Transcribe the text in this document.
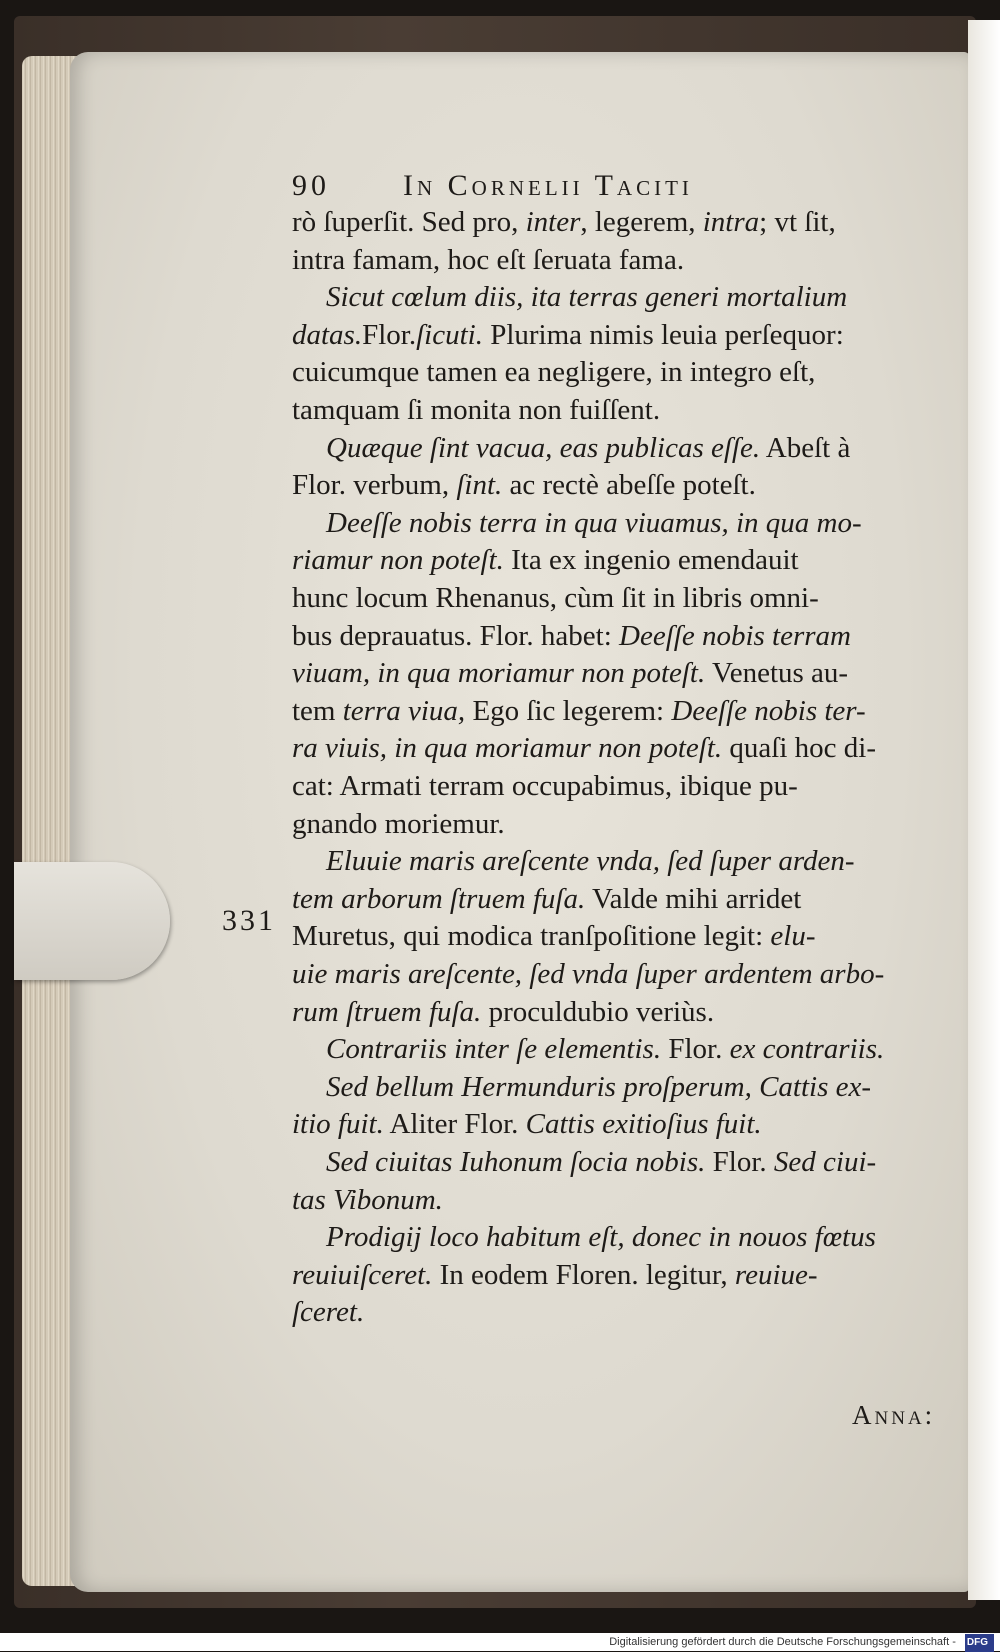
90 In Cornelii Taciti
rò ſuperſit. Sed pro, inter, legerem, intra; vt ſit,
intra famam, hoc eſt ſeruata fama.
Sicut cœlum diis, ita terras generi mortalium
datas.Flor.ſicuti. Plurima nimis leuia perſequor:
cuicumque tamen ea negligere, in integro eſt,
tamquam ſi monita non fuiſſent.
Quæque ſint vacua, eas publicas eſſe. Abeſt à
Flor. verbum, ſint. ac rectè abeſſe poteſt.
Deeſſe nobis terra in qua viuamus, in qua mo-
riamur non poteſt. Ita ex ingenio emendauit
hunc locum Rhenanus, cùm ſit in libris omni-
bus deprauatus. Flor. habet: Deeſſe nobis terram
viuam, in qua moriamur non poteſt. Venetus au-
tem terra viua, Ego ſic legerem: Deeſſe nobis ter-
ra viuis, in qua moriamur non poteſt. quaſi hoc di-
cat: Armati terram occupabimus, ibique pu-
gnando moriemur.
Eluuie maris areſcente vnda, ſed ſuper arden-
tem arborum ſtruem fuſa. Valde mihi arridet
Muretus, qui modica tranſpoſitione legit: elu-
uie maris areſcente, ſed vnda ſuper ardentem arbo-
rum ſtruem fuſa. proculdubio veriùs.
Contrariis inter ſe elementis. Flor. ex contrariis.
Sed bellum Hermunduris proſperum, Cattis ex-
itio fuit. Aliter Flor. Cattis exitioſius fuit.
Sed ciuitas Iuhonum ſocia nobis. Flor. Sed ciui-
tas Vibonum.
Prodigij loco habitum eſt, donec in nouos fœtus
reuiuiſceret. In eodem Floren. legitur, reuiue-
ſceret.
331
Anna:
Digitalisierung gefördert durch die Deutsche Forschungsgemeinschaft - DFG
